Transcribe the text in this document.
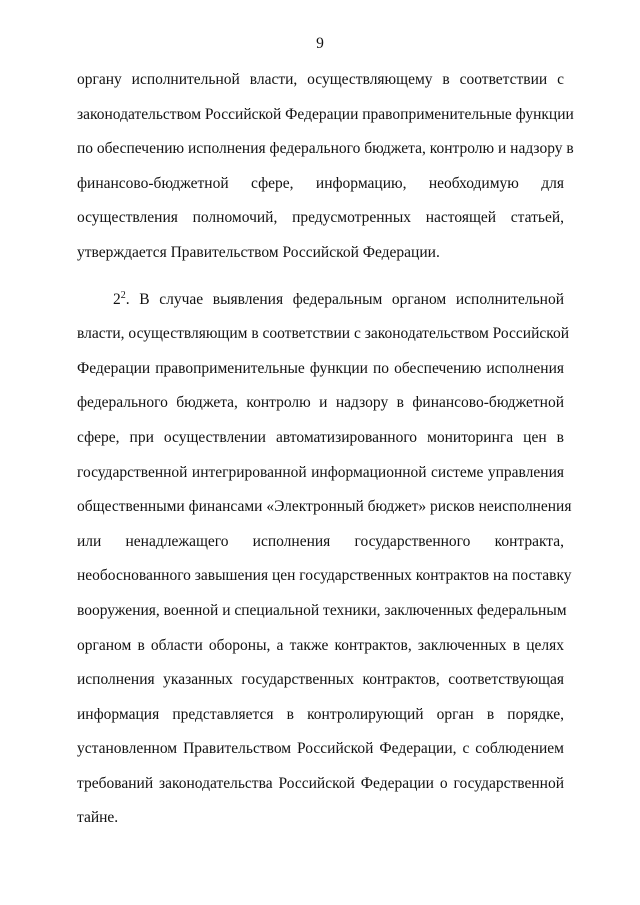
9
органу исполнительной власти, осуществляющему в соответствии с
законодательством Российской Федерации правоприменительные функции
по обеспечению исполнения федерального бюджета, контролю и надзору в
финансово-бюджетной сфере, информацию, необходимую для
осуществления полномочий, предусмотренных настоящей статьей,
утверждается Правительством Российской Федерации.
$2^2$. В случае выявления федеральным органом исполнительной
власти, осуществляющим в соответствии с законодательством Российской
Федерации правоприменительные функции по обеспечению исполнения
федерального бюджета, контролю и надзору в финансово-бюджетной
сфере, при осуществлении автоматизированного мониторинга цен в
государственной интегрированной информационной системе управления
общественными финансами «Электронный бюджет» рисков неисполнения
или ненадлежащего исполнения государственного контракта,
необоснованного завышения цен государственных контрактов на поставку
вооружения, военной и специальной техники, заключенных федеральным
органом в области обороны, а также контрактов, заключенных в целях
исполнения указанных государственных контрактов, соответствующая
информация представляется в контролирующий орган в порядке,
установленном Правительством Российской Федерации, с соблюдением
требований законодательства Российской Федерации о государственной
тайне.
